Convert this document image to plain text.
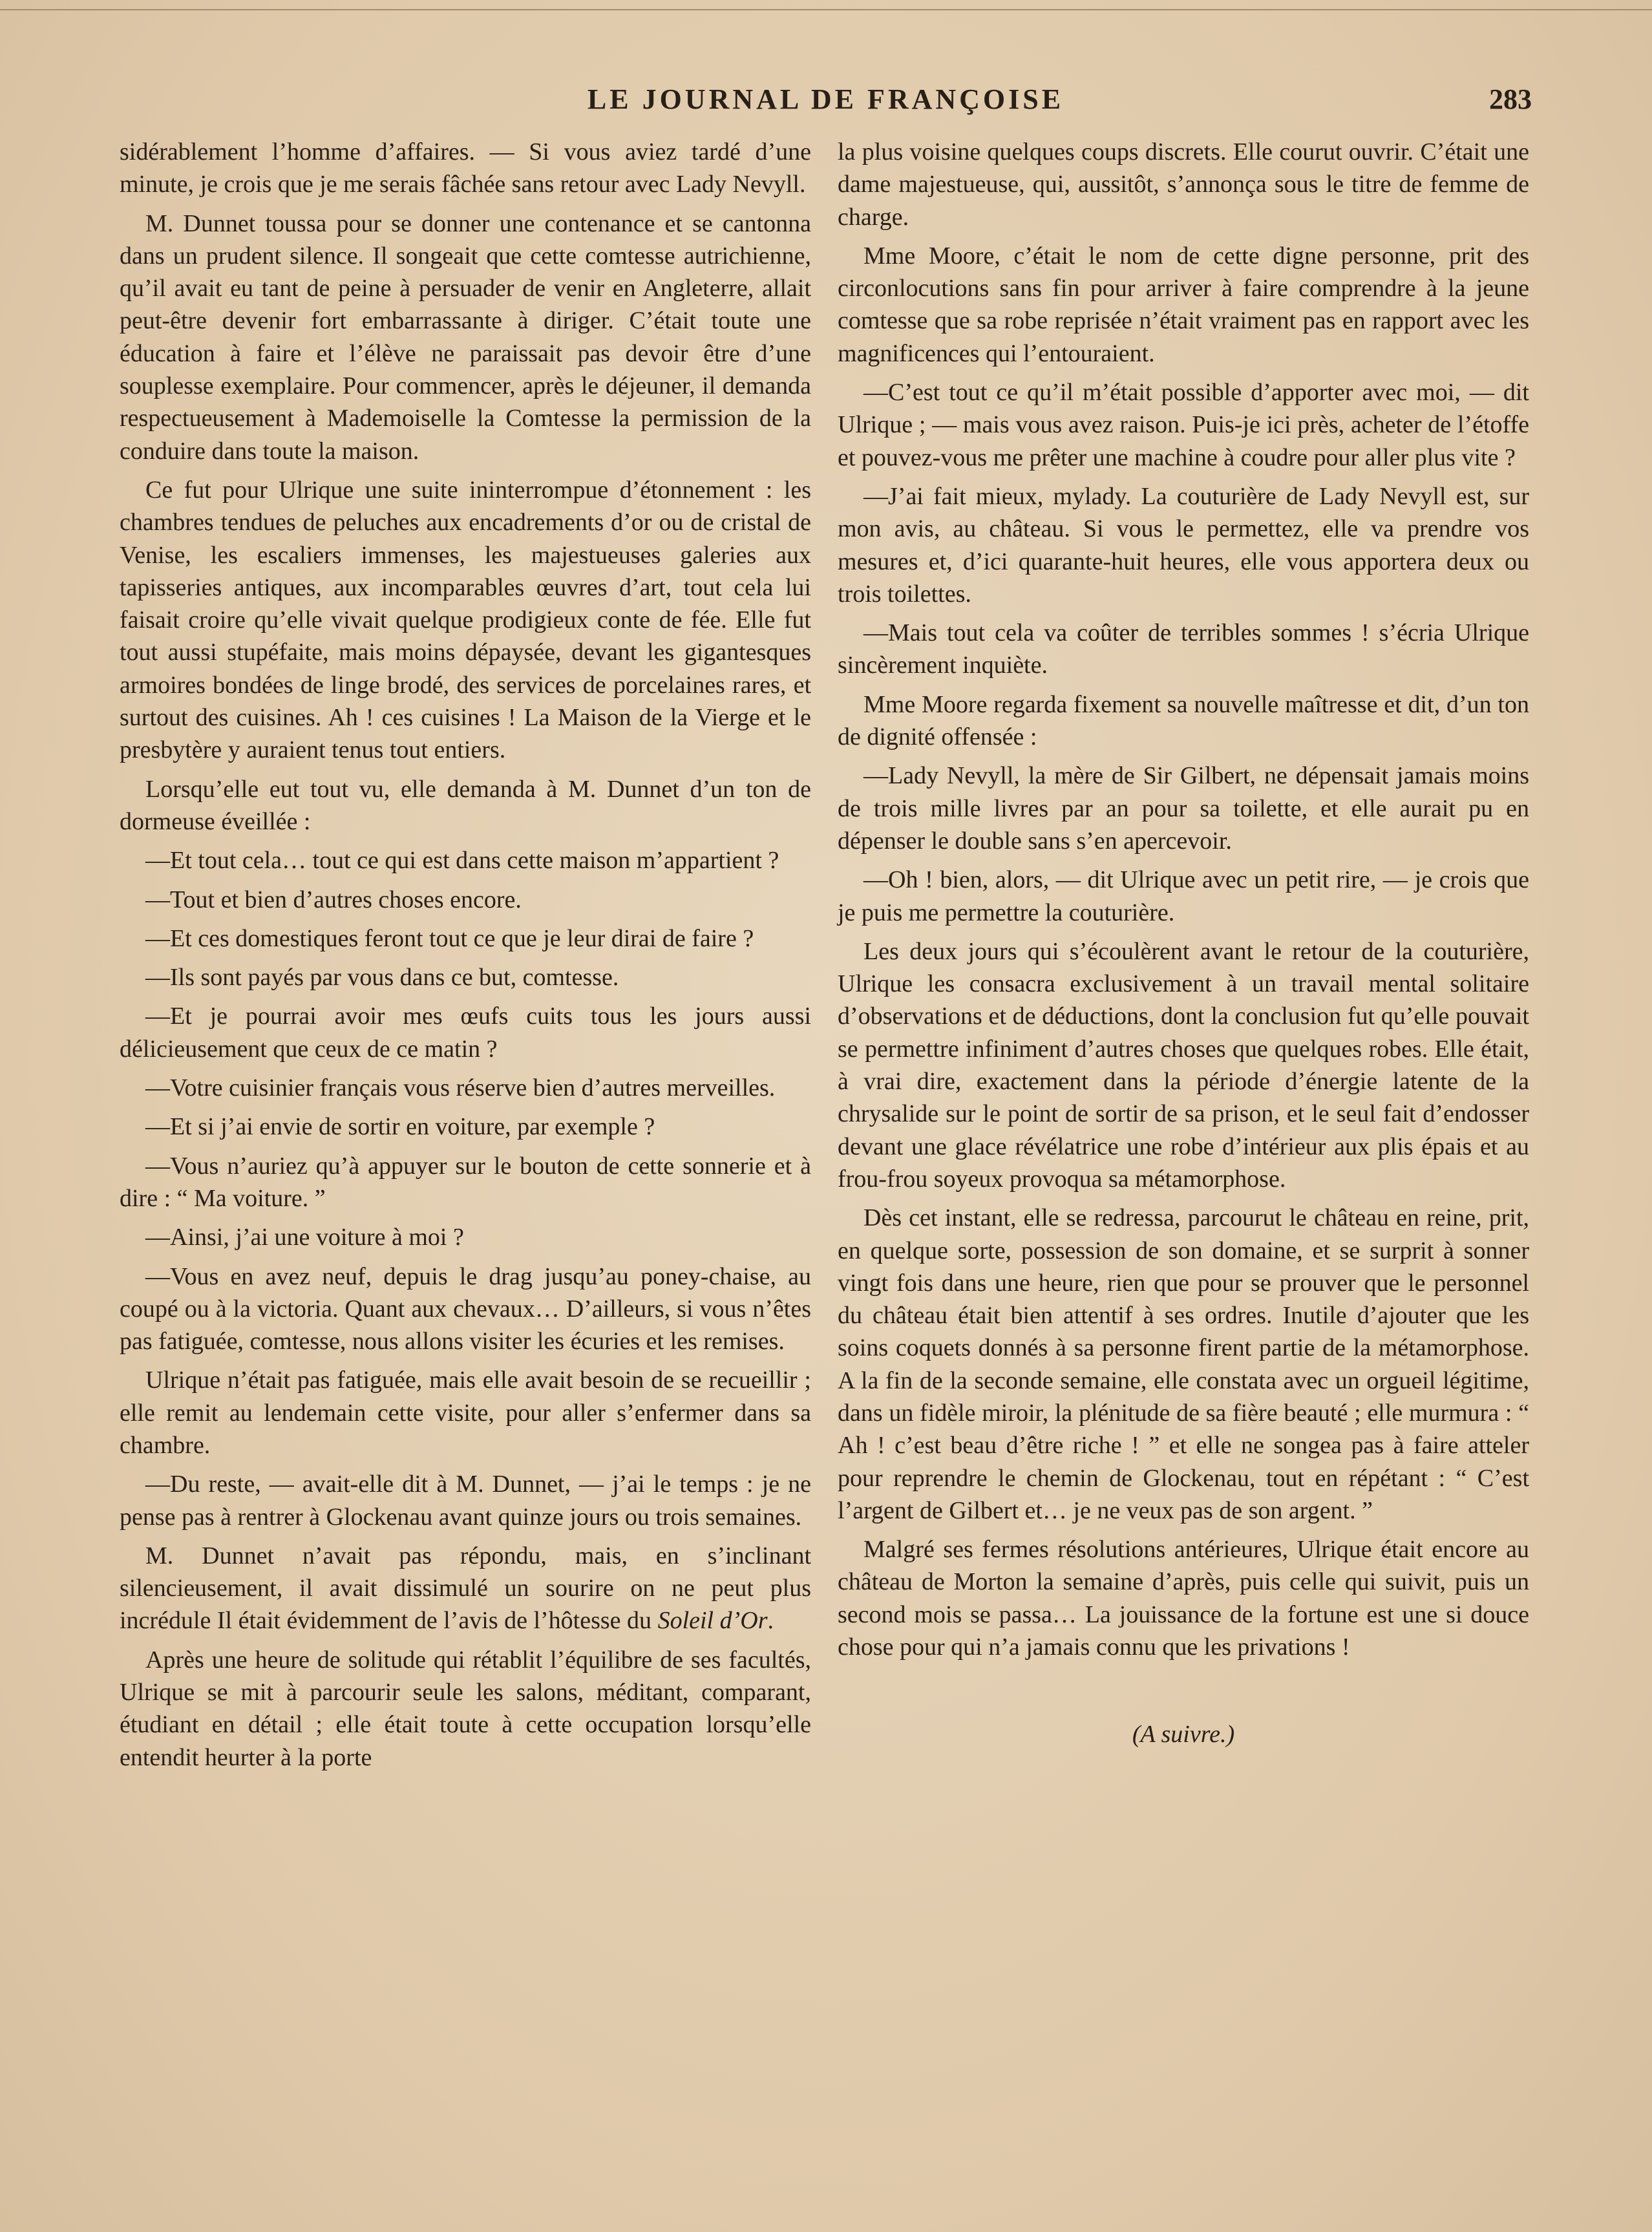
LE JOURNAL DE FRANÇOISE	283

sidérablement l’homme d’affaires. — Si vous aviez tardé d’une minute, je crois que je me serais fâchée sans retour avec Lady Nevyll.

M. Dunnet toussa pour se donner une contenance et se cantonna dans un prudent silence. Il songeait que cette comtesse autrichienne, qu’il avait eu tant de peine à persuader de venir en Angleterre, allait peut-être devenir fort embarrassante à diriger. C’était toute une éducation à faire et l’élève ne paraissait pas devoir être d’une souplesse exemplaire. Pour commencer, après le déjeuner, il demanda respectueusement à Mademoiselle la Comtesse la permission de la conduire dans toute la maison.

Ce fut pour Ulrique une suite ininterrompue d’étonnement : les chambres tendues de peluches aux encadrements d’or ou de cristal de Venise, les escaliers immenses, les majestueuses galeries aux tapisseries antiques, aux incomparables œuvres d’art, tout cela lui faisait croire qu’elle vivait quelque prodigieux conte de fée. Elle fut tout aussi stupéfaite, mais moins dépaysée, devant les gigantesques armoires bondées de linge brodé, des services de porcelaines rares, et surtout des cuisines. Ah ! ces cuisines ! La Maison de la Vierge et le presbytère y auraient tenus tout entiers.

Lorsqu’elle eut tout vu, elle demanda à M. Dunnet d’un ton de dormeuse éveillée :

—Et tout cela… tout ce qui est dans cette maison m’appartient ?

—Tout et bien d’autres choses encore.

—Et ces domestiques feront tout ce que je leur dirai de faire ?

—Ils sont payés par vous dans ce but, comtesse.

—Et je pourrai avoir mes œufs cuits tous les jours aussi délicieusement que ceux de ce matin ?

—Votre cuisinier français vous réserve bien d’autres merveilles.

—Et si j’ai envie de sortir en voiture, par exemple ?

—Vous n’auriez qu’à appuyer sur le bouton de cette sonnerie et à dire : “ Ma voiture. ”

—Ainsi, j’ai une voiture à moi ?

—Vous en avez neuf, depuis le drag jusqu’au poney-chaise, au coupé ou à la victoria. Quant aux chevaux… D’ailleurs, si vous n’êtes pas fatiguée, comtesse, nous allons visiter les écuries et les remises.

Ulrique n’était pas fatiguée, mais elle avait besoin de se recueillir ; elle remit au lendemain cette visite, pour aller s’enfermer dans sa chambre.

—Du reste, — avait-elle dit à M. Dunnet, — j’ai le temps : je ne pense pas à rentrer à Glockenau avant quinze jours ou trois semaines.

M. Dunnet n’avait pas répondu, mais, en s’inclinant silencieusement, il avait dissimulé un sourire on ne peut plus incrédule Il était évidemment de l’avis de l’hôtesse du Soleil d’Or.

Après une heure de solitude qui rétablit l’équilibre de ses facultés, Ulrique se mit à parcourir seule les salons, méditant, comparant, étudiant en détail ; elle était toute à cette occupation lorsqu’elle entendit heurter à la porte

la plus voisine quelques coups discrets. Elle courut ouvrir. C’était une dame majestueuse, qui, aussitôt, s’annonça sous le titre de femme de charge.

Mme Moore, c’était le nom de cette digne personne, prit des circonlocutions sans fin pour arriver à faire comprendre à la jeune comtesse que sa robe reprisée n’était vraiment pas en rapport avec les magnificences qui l’entouraient.

—C’est tout ce qu’il m’était possible d’apporter avec moi, — dit Ulrique ; — mais vous avez raison. Puis-je ici près, acheter de l’étoffe et pouvez-vous me prêter une machine à coudre pour aller plus vite ?

—J’ai fait mieux, mylady. La couturière de Lady Nevyll est, sur mon avis, au château. Si vous le permettez, elle va prendre vos mesures et, d’ici quarante-huit heures, elle vous apportera deux ou trois toilettes.

—Mais tout cela va coûter de terribles sommes ! s’écria Ulrique sincèrement inquiète.

Mme Moore regarda fixement sa nouvelle maîtresse et dit, d’un ton de dignité offensée :

—Lady Nevyll, la mère de Sir Gilbert, ne dépensait jamais moins de trois mille livres par an pour sa toilette, et elle aurait pu en dépenser le double sans s’en apercevoir.

—Oh ! bien, alors, — dit Ulrique avec un petit rire, — je crois que je puis me permettre la couturière.

Les deux jours qui s’écoulèrent avant le retour de la couturière, Ulrique les consacra exclusivement à un travail mental solitaire d’observations et de déductions, dont la conclusion fut qu’elle pouvait se permettre infiniment d’autres choses que quelques robes. Elle était, à vrai dire, exactement dans la période d’énergie latente de la chrysalide sur le point de sortir de sa prison, et le seul fait d’endosser devant une glace révélatrice une robe d’intérieur aux plis épais et au frou-frou soyeux provoqua sa métamorphose.

Dès cet instant, elle se redressa, parcourut le château en reine, prit, en quelque sorte, possession de son domaine, et se surprit à sonner vingt fois dans une heure, rien que pour se prouver que le personnel du château était bien attentif à ses ordres. Inutile d’ajouter que les soins coquets donnés à sa personne firent partie de la métamorphose. A la fin de la seconde semaine, elle constata avec un orgueil légitime, dans un fidèle miroir, la plénitude de sa fière beauté ; elle murmura : “ Ah ! c’est beau d’être riche ! ” et elle ne songea pas à faire atteler pour reprendre le chemin de Glockenau, tout en répétant : “ C’est l’argent de Gilbert et… je ne veux pas de son argent. ”

Malgré ses fermes résolutions antérieures, Ulrique était encore au château de Morton la semaine d’après, puis celle qui suivit, puis un second mois se passa… La jouissance de la fortune est une si douce chose pour qui n’a jamais connu que les privations !

(A suivre.)
